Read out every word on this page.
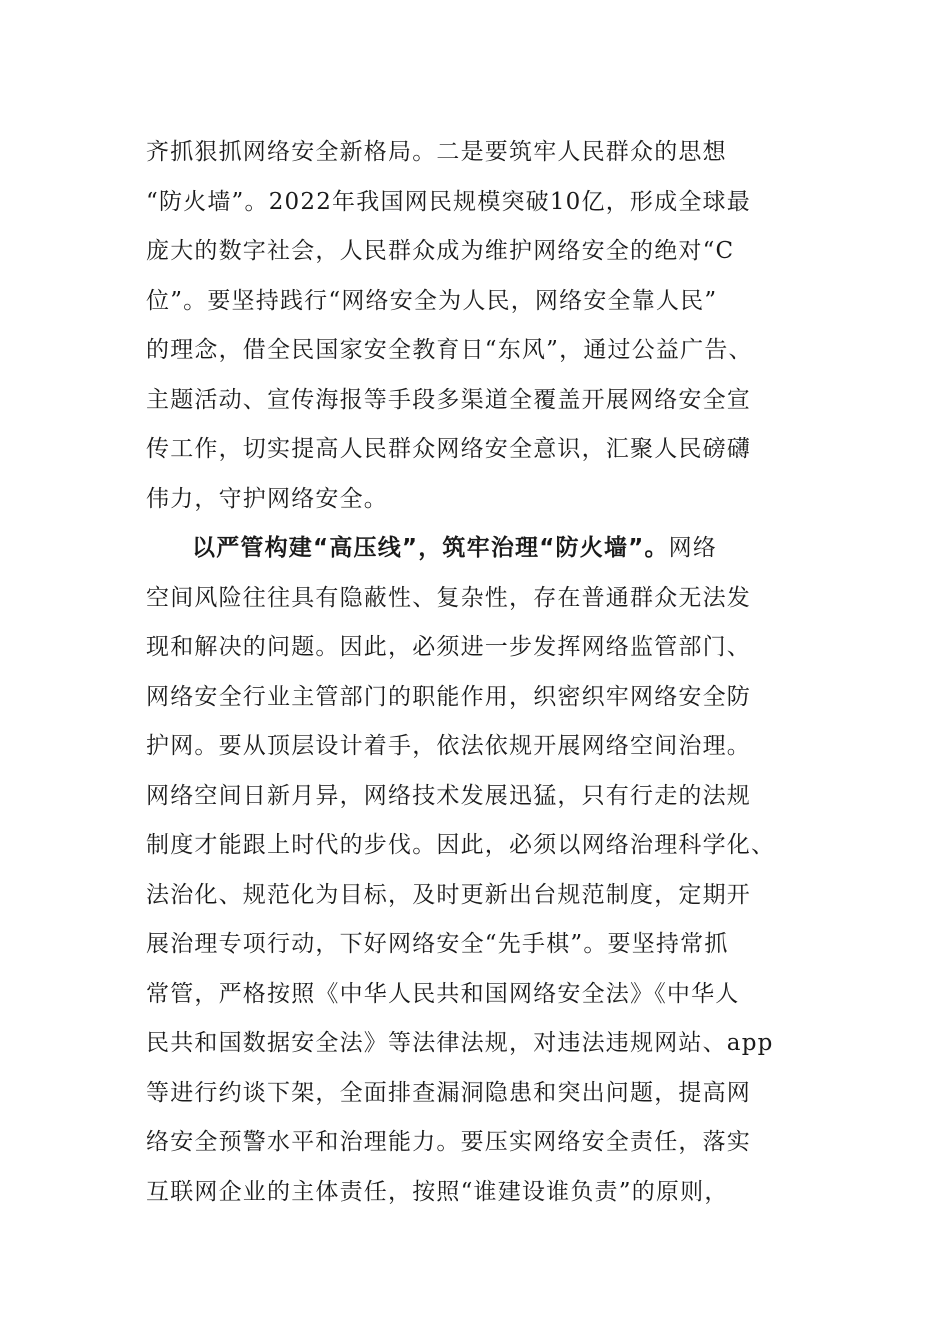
齐抓狠抓网络安全新格局。二是要筑牢人民群众的思想
“防火墙”。2022年我国网民规模突破10亿，形成全球最
庞大的数字社会，人民群众成为维护网络安全的绝对“C
位”。要坚持践行“网络安全为人民，网络安全靠人民”
的理念，借全民国家安全教育日“东风”，通过公益广告、
主题活动、宣传海报等手段多渠道全覆盖开展网络安全宣
传工作，切实提高人民群众网络安全意识，汇聚人民磅礴
伟力，守护网络安全。
以严管构建“高压线”，筑牢治理“防火墙”。网络
空间风险往往具有隐蔽性、复杂性，存在普通群众无法发
现和解决的问题。因此，必须进一步发挥网络监管部门、
网络安全行业主管部门的职能作用，织密织牢网络安全防
护网。要从顶层设计着手，依法依规开展网络空间治理。
网络空间日新月异，网络技术发展迅猛，只有行走的法规
制度才能跟上时代的步伐。因此，必须以网络治理科学化、
法治化、规范化为目标，及时更新出台规范制度，定期开
展治理专项行动，下好网络安全“先手棋”。要坚持常抓
常管，严格按照《中华人民共和国网络安全法》《中华人
民共和国数据安全法》等法律法规，对违法违规网站、app
等进行约谈下架，全面排查漏洞隐患和突出问题，提高网
络安全预警水平和治理能力。要压实网络安全责任，落实
互联网企业的主体责任，按照“谁建设谁负责”的原则，
